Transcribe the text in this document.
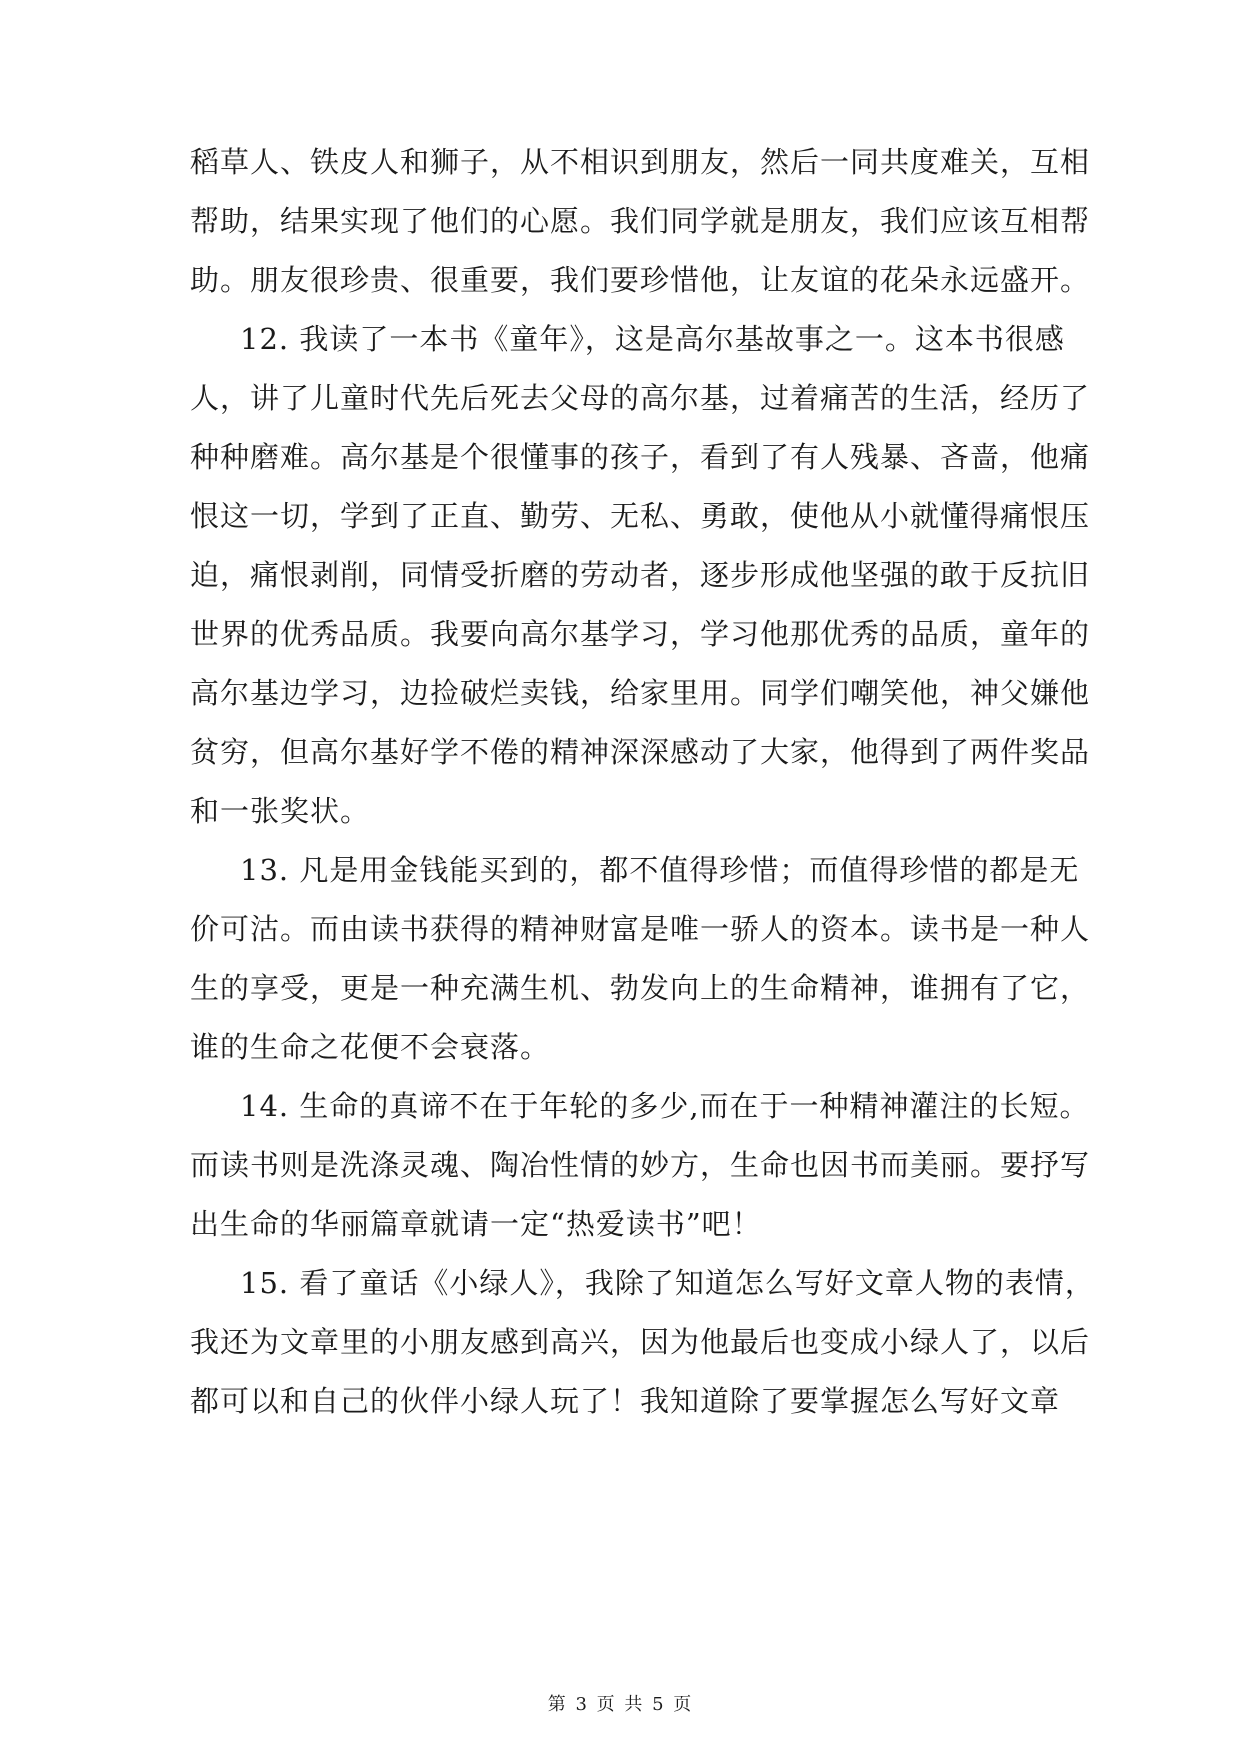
稻草人、铁皮人和狮子，从不相识到朋友，然后一同共度难关，互相
帮助，结果实现了他们的心愿。我们同学就是朋友，我们应该互相帮
助。朋友很珍贵、很重要，我们要珍惜他，让友谊的花朵永远盛开。
12. 我读了一本书《童年》，这是高尔基故事之一。这本书很感
人，讲了儿童时代先后死去父母的高尔基，过着痛苦的生活，经历了
种种磨难。高尔基是个很懂事的孩子，看到了有人残暴、吝啬，他痛
恨这一切，学到了正直、勤劳、无私、勇敢，使他从小就懂得痛恨压
迫，痛恨剥削，同情受折磨的劳动者，逐步形成他坚强的敢于反抗旧
世界的优秀品质。我要向高尔基学习，学习他那优秀的品质，童年的
高尔基边学习，边捡破烂卖钱，给家里用。同学们嘲笑他，神父嫌他
贫穷，但高尔基好学不倦的精神深深感动了大家，他得到了两件奖品
和一张奖状。
13. 凡是用金钱能买到的，都不值得珍惜；而值得珍惜的都是无
价可沽。而由读书获得的精神财富是唯一骄人的资本。读书是一种人
生的享受，更是一种充满生机、勃发向上的生命精神，谁拥有了它，
谁的生命之花便不会衰落。
14. 生命的真谛不在于年轮的多少,而在于一种精神灌注的长短。
而读书则是洗涤灵魂、陶冶性情的妙方，生命也因书而美丽。要抒写
出生命的华丽篇章就请一定“热爱读书”吧！
15. 看了童话《小绿人》，我除了知道怎么写好文章人物的表情，
我还为文章里的小朋友感到高兴，因为他最后也变成小绿人了，以后
都可以和自己的伙伴小绿人玩了！我知道除了要掌握怎么写好文章
第 3 页 共 5 页
